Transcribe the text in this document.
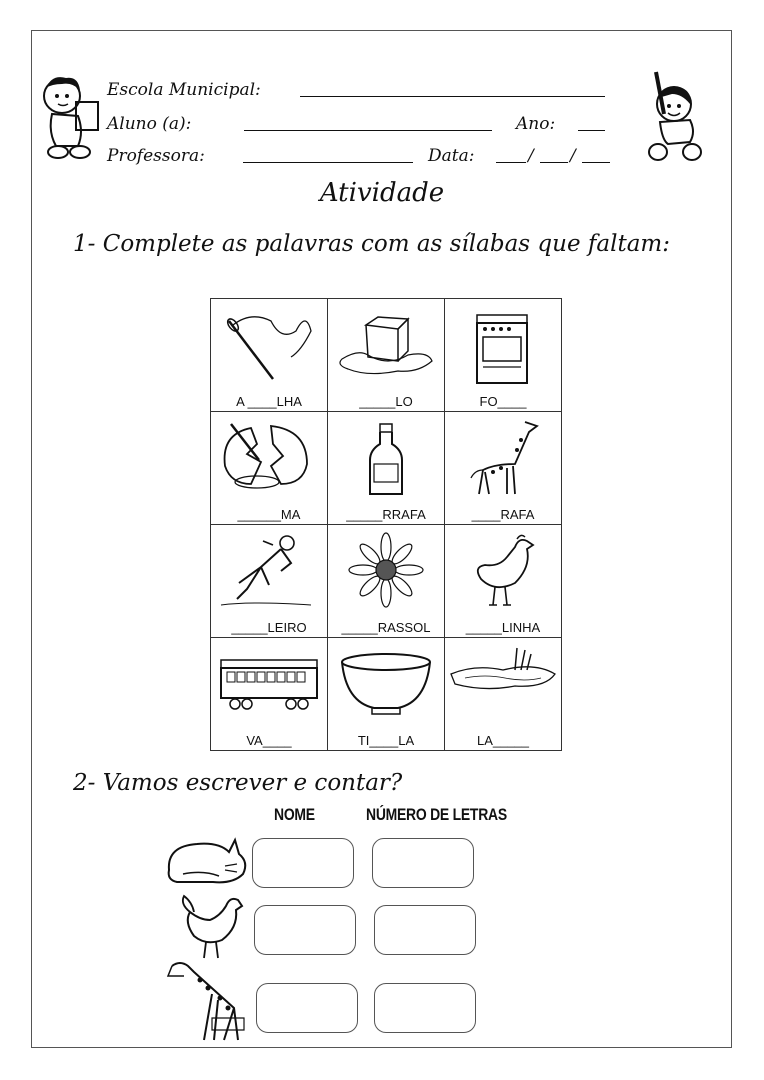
Escola Municipal:
Aluno (a):	Ano:
Professora:	Data:	/ /
Atividade
1- Complete as palavras com as sílabas que faltam:
A ____LHA	_____LO	FO____

______MA	_____RRAFA	____RAFA

_____LEIRO	_____RASSOL	_____LINHA

VA____	TI____LA	LA_____
2- Vamos escrever e contar?
NOME	NÚMERO DE LETRAS
